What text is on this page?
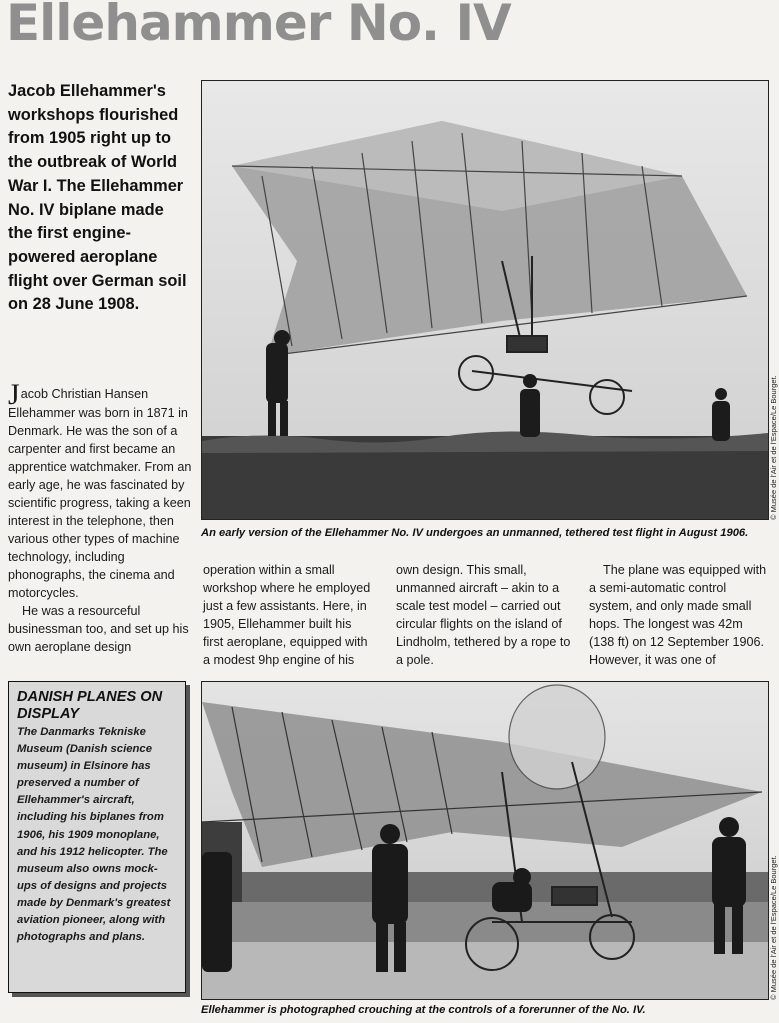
Ellehammer No. IV

Jacob Ellehammer's workshops flourished from 1905 right up to the outbreak of World War I. The Ellehammer No. IV biplane made the first engine-powered aeroplane flight over German soil on 28 June 1908.

© Musée de l'Air et de l'Espace/Le Bourget.

An early version of the Ellehammer No. IV undergoes an unmanned, tethered test flight in August 1906.

Jacob Christian Hansen Ellehammer was born in 1871 in Denmark. He was the son of a carpenter and first became an apprentice watchmaker. From an early age, he was fascinated by scientific progress, taking a keen interest in the telephone, then various other types of machine technology, including phonographs, the cinema and motorcycles.

He was a resourceful businessman too, and set up his own aeroplane design

operation within a small workshop where he employed just a few assistants. Here, in 1905, Ellehammer built his first aeroplane, equipped with a modest 9hp engine of his

own design. This small, unmanned aircraft – akin to a scale test model – carried out circular flights on the island of Lindholm, tethered by a rope to a pole.

The plane was equipped with a semi-automatic control system, and only made small hops. The longest was 42m (138 ft) on 12 September 1906. However, it was one of

DANISH PLANES ON DISPLAY

The Danmarks Tekniske Museum (Danish science museum) in Elsinore has preserved a number of Ellehammer's aircraft, including his biplanes from 1906, his 1909 monoplane, and his 1912 helicopter. The museum also owns mock-ups of designs and projects made by Denmark's greatest aviation pioneer, along with photographs and plans.	© Musée de l'Air et de l'Espace/Le Bourget.

Ellehammer is photographed crouching at the controls of a forerunner of the No. IV.
